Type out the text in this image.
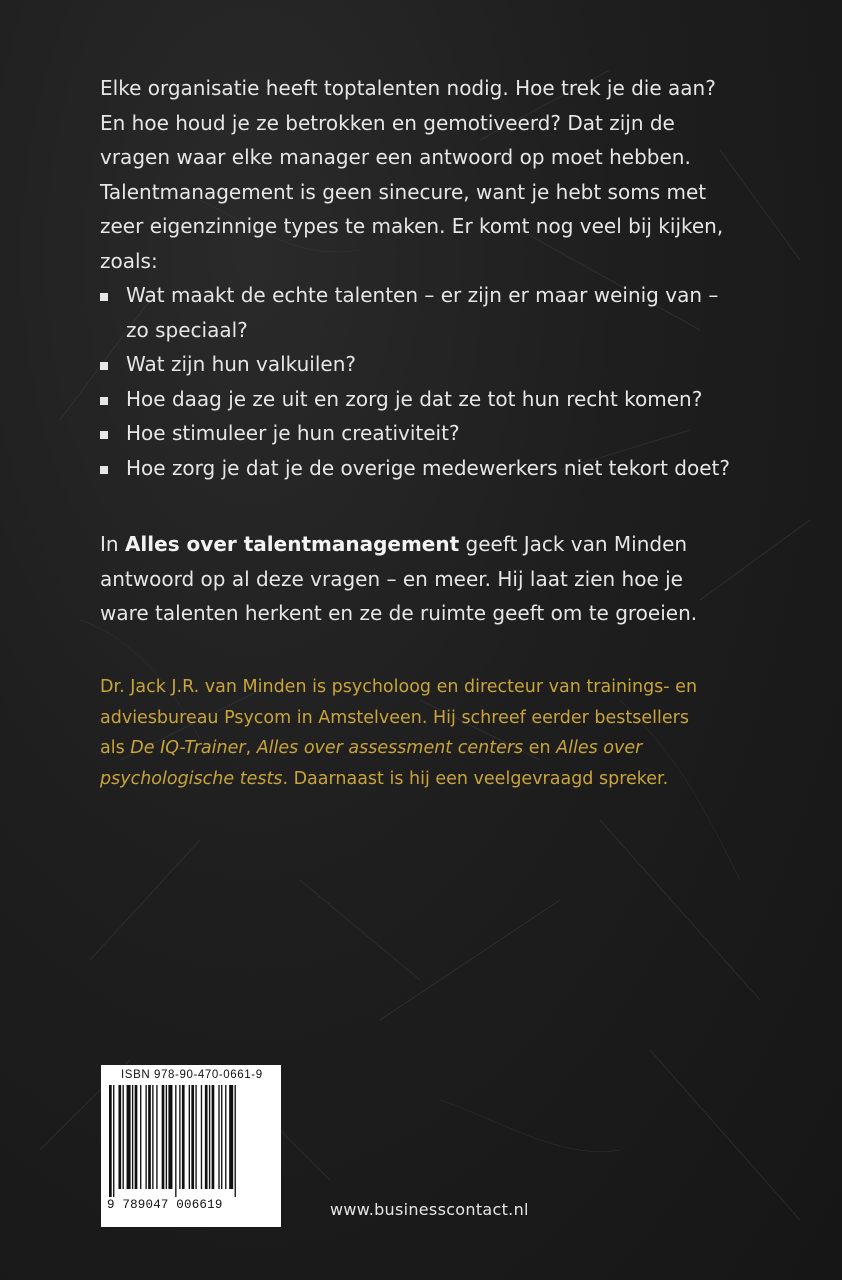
Elke organisatie heeft toptalenten nodig. Hoe trek je die aan?

En hoe houd je ze betrokken en gemotiveerd? Dat zijn de

vragen waar elke manager een antwoord op moet hebben.

Talentmanagement is geen sinecure, want je hebt soms met

zeer eigenzinnige types te maken. Er komt nog veel bij kijken,

zoals:

Wat maakt de echte talenten – er zijn er maar weinig van – zo speciaal?
Wat zijn hun valkuilen?
Hoe daag je ze uit en zorg je dat ze tot hun recht komen?
Hoe stimuleer je hun creativiteit?
Hoe zorg je dat je de overige medewerkers niet tekort doet?
In Alles over talentmanagement geeft Jack van Minden
antwoord op al deze vragen – en meer. Hij laat zien hoe je
ware talenten herkent en ze de ruimte geeft om te groeien.
Dr. Jack J.R. van Minden is psycholoog en directeur van trainings- en
adviesbureau Psycom in Amstelveen. Hij schreef eerder bestsellers
als De IQ-Trainer, Alles over assessment centers en Alles over
psychologische tests. Daarnaast is hij een veelgevraagd spreker.
ISBN 978-90-470-0661-9
9 789047 006619	www.businesscontact.nl
